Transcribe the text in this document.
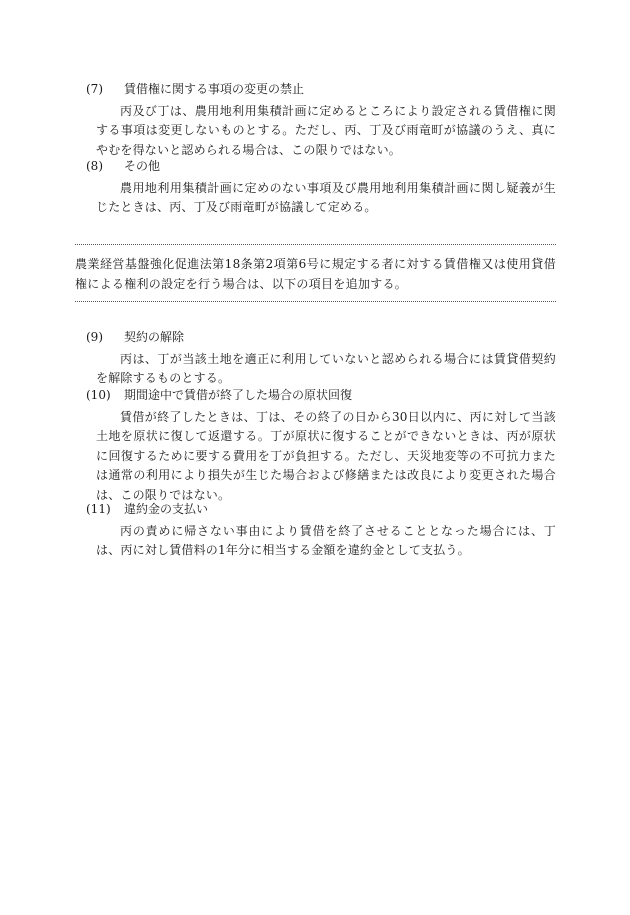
(7) 賃借権に関する事項の変更の禁止
丙及び丁は、農用地利用集積計画に定めるところにより設定される賃借権に関する事項は変更しないものとする。ただし、丙、丁及び雨竜町が協議のうえ、真にやむを得ないと認められる場合は、この限りではない。
(8) その他
農用地利用集積計画に定めのない事項及び農用地利用集積計画に関し疑義が生じたときは、丙、丁及び雨竜町が協議して定める。
農業経営基盤強化促進法第18条第2項第6号に規定する者に対する賃借権又は使用貸借権による権利の設定を行う場合は、以下の項目を追加する。
(9) 契約の解除
丙は、丁が当該土地を適正に利用していないと認められる場合には賃貸借契約を解除するものとする。
(10) 期間途中で賃借が終了した場合の原状回復
賃借が終了したときは、丁は、その終了の日から30日以内に、丙に対して当該土地を原状に復して返還する。丁が原状に復することができないときは、丙が原状に回復するために要する費用を丁が負担する。ただし、天災地変等の不可抗力または通常の利用により損失が生じた場合および修繕または改良により変更された場合は、この限りではない。
(11) 違約金の支払い
丙の責めに帰さない事由により賃借を終了させることとなった場合には、丁は、丙に対し賃借料の1年分に相当する金額を違約金として支払う。
